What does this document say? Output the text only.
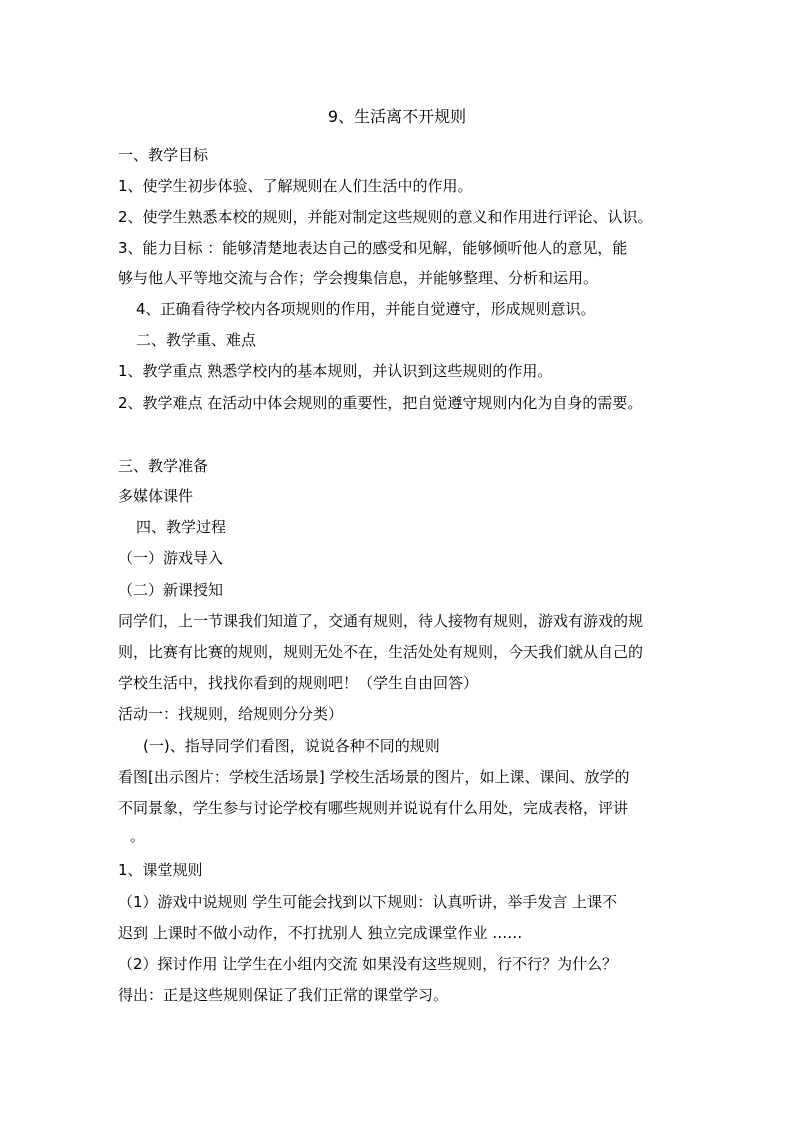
9、生活离不开规则
一、教学目标
1、使学生初步体验、了解规则在人们生活中的作用。
2、使学生熟悉本校的规则，并能对制定这些规则的意义和作用进行评论、认识。
3、能力目标 ：能够清楚地表达自己的感受和见解，能够倾听他人的意见，能
够与他人平等地交流与合作；学会搜集信息，并能够整理、分析和运用。
4、正确看待学校内各项规则的作用，并能自觉遵守，形成规则意识。
二、教学重、难点
1、教学重点 熟悉学校内的基本规则，并认识到这些规则的作用。
2、教学难点 在活动中体会规则的重要性，把自觉遵守规则内化为自身的需要。
三、教学准备
多媒体课件
四、教学过程
（一）游戏导入
（二）新课授知
同学们，上一节课我们知道了，交通有规则，待人接物有规则，游戏有游戏的规
则，比赛有比赛的规则，规则无处不在，生活处处有规则，今天我们就从自己的
学校生活中，找找你看到的规则吧！（学生自由回答）
活动一：找规则，给规则分分类）
(一)、指导同学们看图，说说各种不同的规则
看图[出示图片：学校生活场景] 学校生活场景的图片，如上课、课间、放学的
不同景象，学生参与讨论学校有哪些规则并说说有什么用处，完成表格，评讲
。
1、课堂规则
（1）游戏中说规则 学生可能会找到以下规则：认真听讲，举手发言 上课不
迟到 上课时不做小动作，不打扰别人 独立完成课堂作业 ……
（2）探讨作用 让学生在小组内交流 如果没有这些规则，行不行？为什么？
得出：正是这些规则保证了我们正常的课堂学习。
